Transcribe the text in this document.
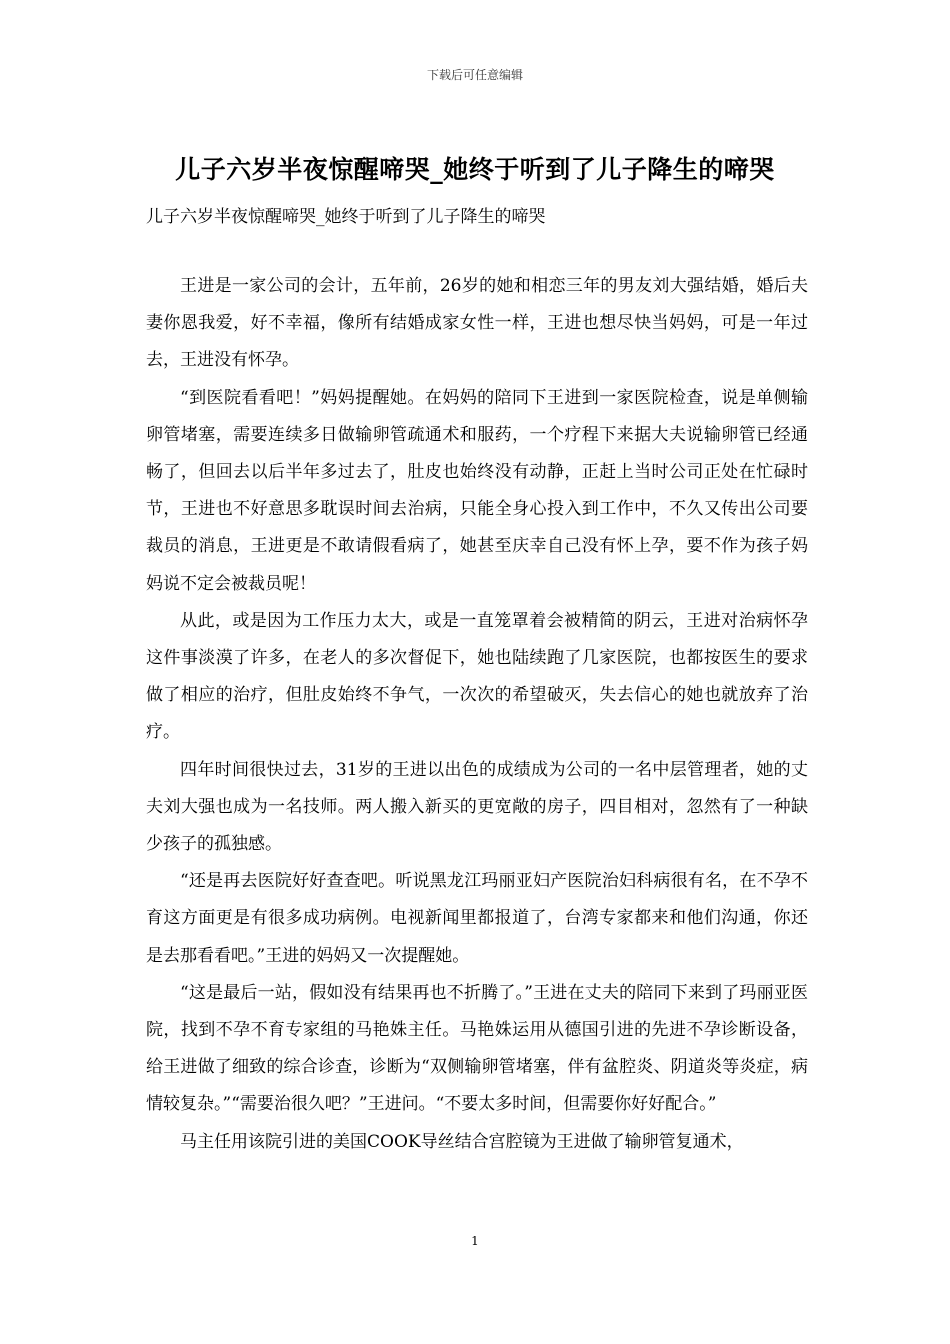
下载后可任意编辑
儿子六岁半夜惊醒啼哭_她终于听到了儿子降生的啼哭

儿子六岁半夜惊醒啼哭_她终于听到了儿子降生的啼哭

王进是一家公司的会计，五年前，26岁的她和相恋三年的男友刘大强结婚，婚后夫妻你恩我爱，好不幸福，像所有结婚成家女性一样，王进也想尽快当妈妈，可是一年过去，王进没有怀孕。

“到医院看看吧！”妈妈提醒她。在妈妈的陪同下王进到一家医院检查，说是单侧输卵管堵塞，需要连续多日做输卵管疏通术和服药，一个疗程下来据大夫说输卵管已经通畅了，但回去以后半年多过去了，肚皮也始终没有动静，正赶上当时公司正处在忙碌时节，王进也不好意思多耽误时间去治病，只能全身心投入到工作中，不久又传出公司要裁员的消息，王进更是不敢请假看病了，她甚至庆幸自己没有怀上孕，要不作为孩子妈妈说不定会被裁员呢！

从此，或是因为工作压力太大，或是一直笼罩着会被精简的阴云，王进对治病怀孕这件事淡漠了许多，在老人的多次督促下，她也陆续跑了几家医院，也都按医生的要求做了相应的治疗，但肚皮始终不争气，一次次的希望破灭，失去信心的她也就放弃了治疗。

四年时间很快过去，31岁的王进以出色的成绩成为公司的一名中层管理者，她的丈夫刘大强也成为一名技师。两人搬入新买的更宽敞的房子，四目相对，忽然有了一种缺少孩子的孤独感。

“还是再去医院好好查查吧。听说黑龙江玛丽亚妇产医院治妇科病很有名，在不孕不育这方面更是有很多成功病例。电视新闻里都报道了，台湾专家都来和他们沟通，你还是去那看看吧。”王进的妈妈又一次提醒她。

“这是最后一站，假如没有结果再也不折腾了。”王进在丈夫的陪同下来到了玛丽亚医院，找到不孕不育专家组的马艳姝主任。马艳姝运用从德国引进的先进不孕诊断设备，给王进做了细致的综合诊查，诊断为“双侧输卵管堵塞，伴有盆腔炎、阴道炎等炎症，病情较复杂。”“需要治很久吧？”王进问。“不要太多时间，但需要你好好配合。”

马主任用该院引进的美国COOK导丝结合宫腔镜为王进做了输卵管复通术，

1
